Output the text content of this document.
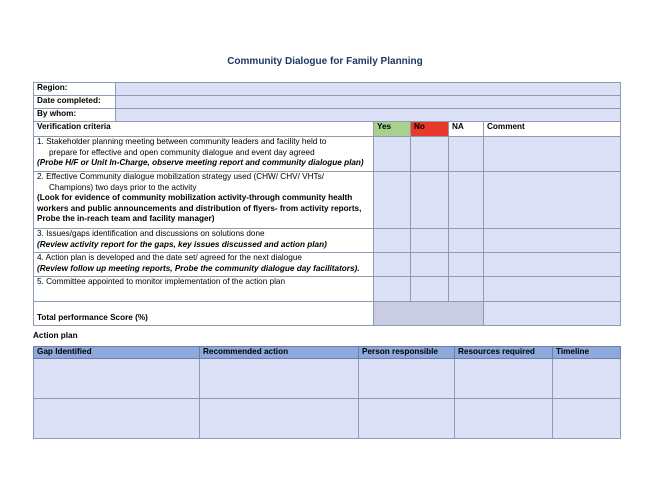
Community Dialogue for Family Planning
Region:					
Date completed:					
By whom:					
Verification criteria		Yes	No	NA	Comment

1. Stakeholder planning meeting between community leaders and facility held to
prepare for effective and open community dialogue and event day agreed
(Probe H/F or Unit In-Charge, observe meeting report and community dialogue plan)					

2. Effective Community dialogue mobilization strategy used (CHW/ CHV/ VHTs/
Champions) two days prior to the activity
(Look for evidence of community mobilization activity-through community health
workers and public announcements and distribution of flyers- from activity reports,
Probe the in-reach team and facility manager)					

3. Issues/gaps identification and discussions on solutions done
(Review activity report for the gaps, key issues discussed and action plan)					

4. Action plan is developed and the date set/ agreed for the next dialogue
(Review follow up meeting reports, Probe the community dialogue day facilitators).					

5. Committee appointed to monitor implementation of the action plan					

Total performance Score (%)					
Action plan
Gap Identified	Recommended action	Person responsible	Resources required	Timeline
